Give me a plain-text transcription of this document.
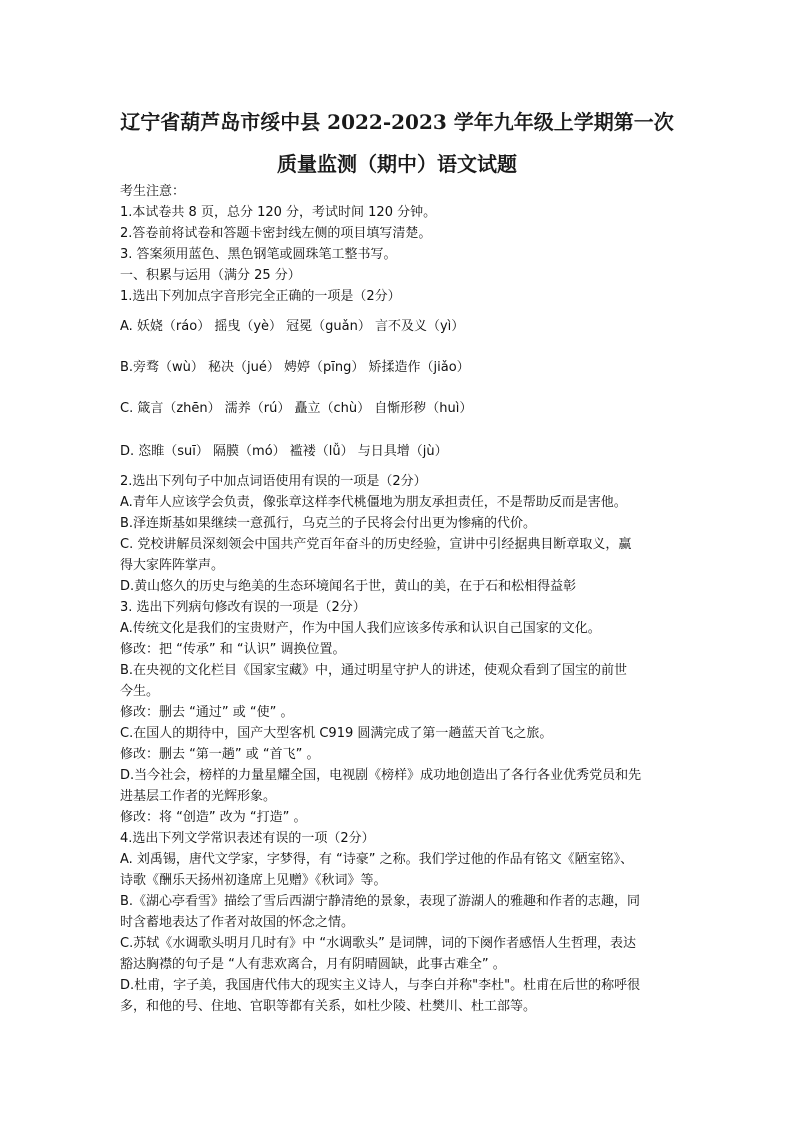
辽宁省葫芦岛市绥中县 2022-2023 学年九年级上学期第一次
质量监测（期中）语文试题
考生注意：
1.本试卷共 8 页，总分 120 分，考试时间 120 分钟。
2.答卷前将试卷和答题卡密封线左侧的项目填写清楚。
3. 答案须用蓝色、黑色钢笔或圆珠笔工整书写。
一、积累与运用（满分 25 分）
1.选出下列加点字音形完全正确的一项是（2分）
A. 妖娆（ráo） 摇曳（yè） 冠冕（guǎn） 言不及义（yì）
B.旁骛（wù） 秘决（jué） 娉婷（pīng） 矫揉造作（jiǎo）
C. 箴言（zhēn） 濡养（rú） 矗立（chù） 自惭形秽（huì）
D. 恣睢（suī） 隔膜（mó） 褴褛（lǚ） 与日具增（jù）
2.选出下列句子中加点词语使用有误的一项是（2分）
A.青年人应该学会负责，像张章这样李代桃僵地为朋友承担责任，不是帮助反而是害他。
B.泽连斯基如果继续一意孤行，乌克兰的子民将会付出更为惨痛的代价。
C. 党校讲解员深刻领会中国共产党百年奋斗的历史经验，宣讲中引经据典目断章取义，赢
得大家阵阵掌声。
D.黄山悠久的历史与绝美的生态环境闻名于世，黄山的美，在于石和松相得益彰
3. 选出下列病句修改有误的一项是（2分）
A.传统文化是我们的宝贵财产，作为中国人我们应该多传承和认识自己国家的文化。
修改：把 “传承” 和 “认识” 调换位置。
B.在央视的文化栏目《国家宝藏》中，通过明星守护人的讲述，使观众看到了国宝的前世
今生。
修改：删去 “通过” 或 “使” 。
C.在国人的期待中，国产大型客机 C919 圆满完成了第一趟蓝天首飞之旅。
修改：删去 “第一趟” 或 “首飞” 。
D.当今社会，榜样的力量星耀全国，电视剧《榜样》成功地创造出了各行各业优秀党员和先
进基层工作者的光辉形象。
修改：将 “创造” 改为 “打造” 。
4.选出下列文学常识表述有误的一项（2分）
A. 刘禹锡，唐代文学家，字梦得，有 “诗豪” 之称。我们学过他的作品有铭文《陋室铭》、
诗歌《酬乐天扬州初逢席上见赠》《秋词》等。
B.《湖心亭看雪》描绘了雪后西湖宁静清绝的景象，表现了游湖人的雅趣和作者的志趣，同
时含蓄地表达了作者对故国的怀念之情。
C.苏轼《水调歌头明月几时有》中 “水调歌头” 是词牌，词的下阕作者感悟人生哲理，表达
豁达胸襟的句子是 “人有悲欢离合，月有阴晴圆缺，此事古难全” 。
D.杜甫，字子美，我国唐代伟大的现实主义诗人，与李白并称"李杜"。杜甫在后世的称呼很
多，和他的号、住地、官职等都有关系，如杜少陵、杜樊川、杜工部等。
